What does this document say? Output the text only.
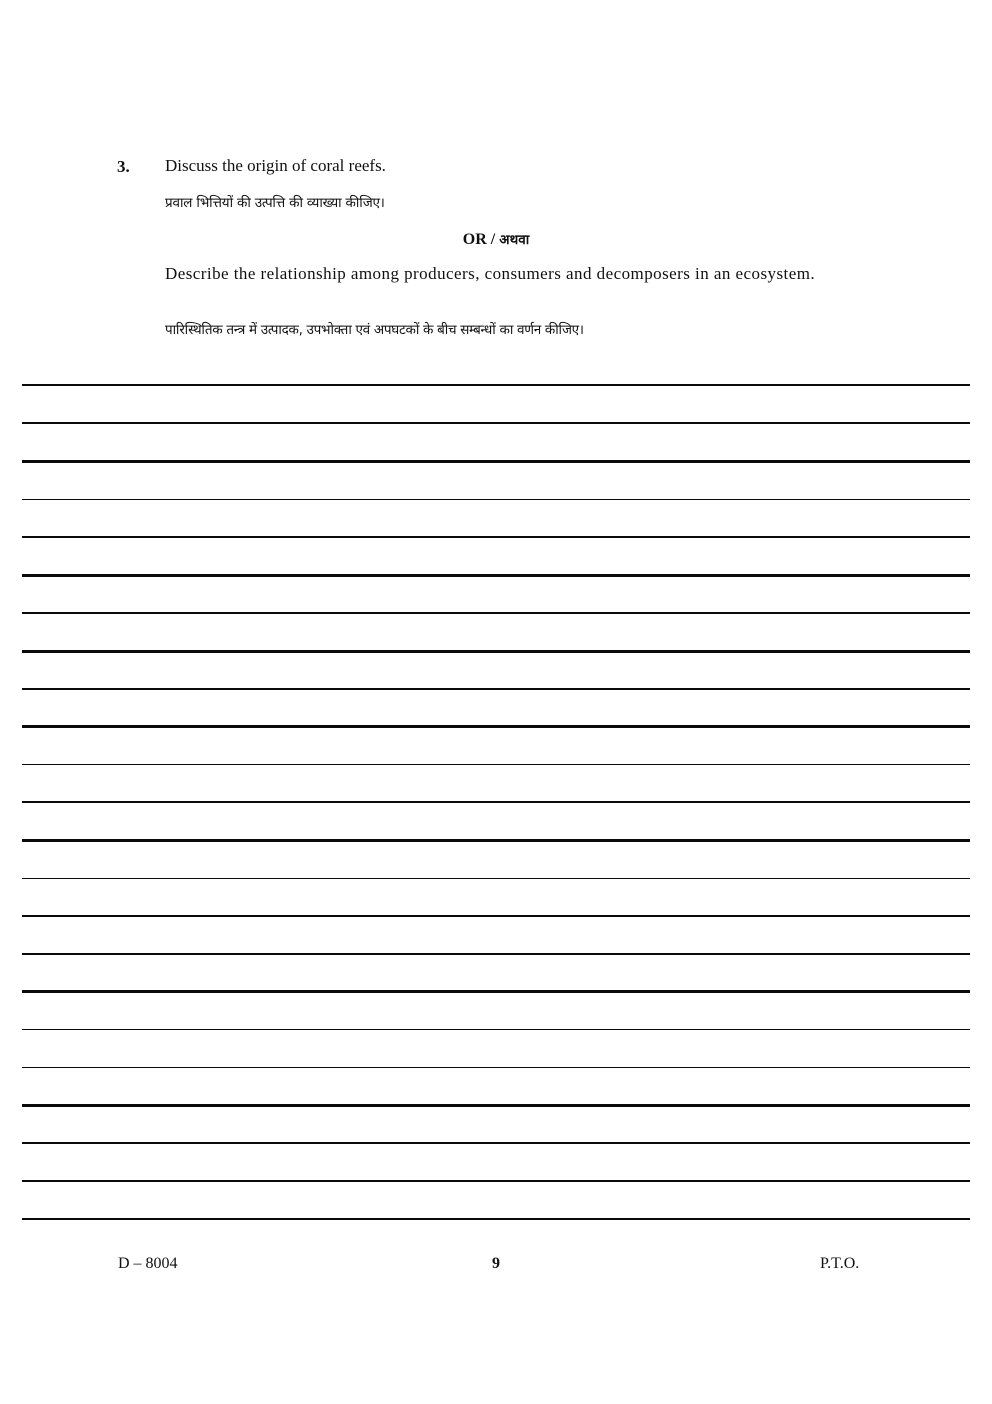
3. Discuss the origin of coral reefs.
प्रवाल भित्तियों की उत्पत्ति की व्याख्या कीजिए।
OR / अथवा
Describe the relationship among producers, consumers and decomposers in an ecosystem.
पारिस्थितिक तन्त्र में उत्पादक, उपभोक्ता एवं अपघटकों के बीच सम्बन्धों का वर्णन कीजिए।
D – 8004	9	P.T.O.
